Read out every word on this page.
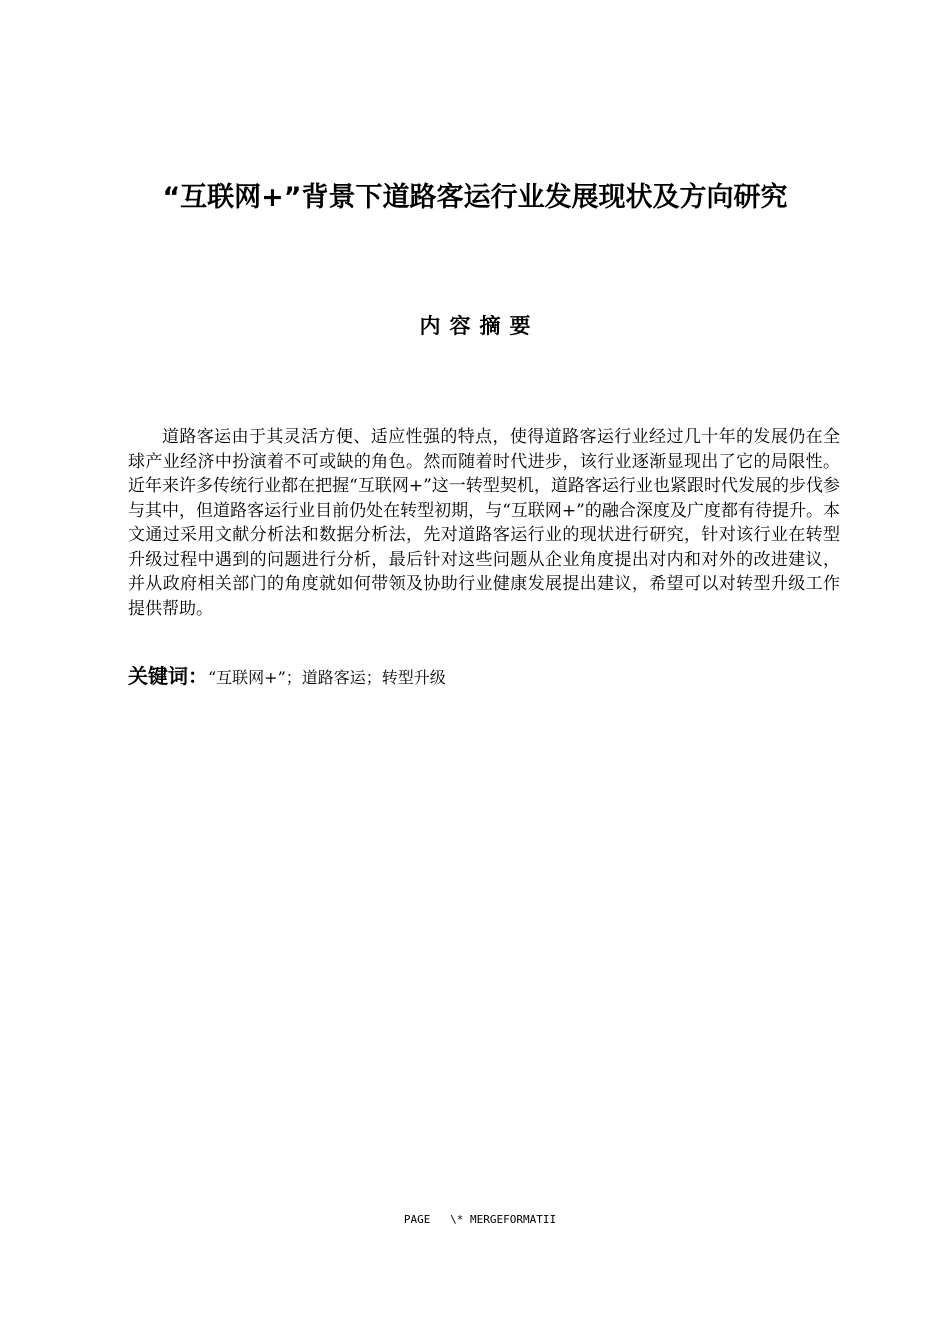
“互联网+”背景下道路客运行业发展现状及方向研究
内容摘要

道路客运由于其灵活方便、适应性强的特点，使得道路客运行业经过几十年的发展仍在全球产业经济中扮演着不可或缺的角色。然而随着时代进步，该行业逐渐显现出了它的局限性。近年来许多传统行业都在把握“互联网+”这一转型契机，道路客运行业也紧跟时代发展的步伐参与其中，但道路客运行业目前仍处在转型初期，与“互联网+”的融合深度及广度都有待提升。本文通过采用文献分析法和数据分析法，先对道路客运行业的现状进行研究，针对该行业在转型升级过程中遇到的问题进行分析，最后针对这些问题从企业角度提出对内和对外的改进建议，并从政府相关部门的角度就如何带领及协助行业健康发展提出建议，希望可以对转型升级工作提供帮助。

关键词：“互联网+”；道路客运；转型升级

PAGE   \* MERGEFORMATII
